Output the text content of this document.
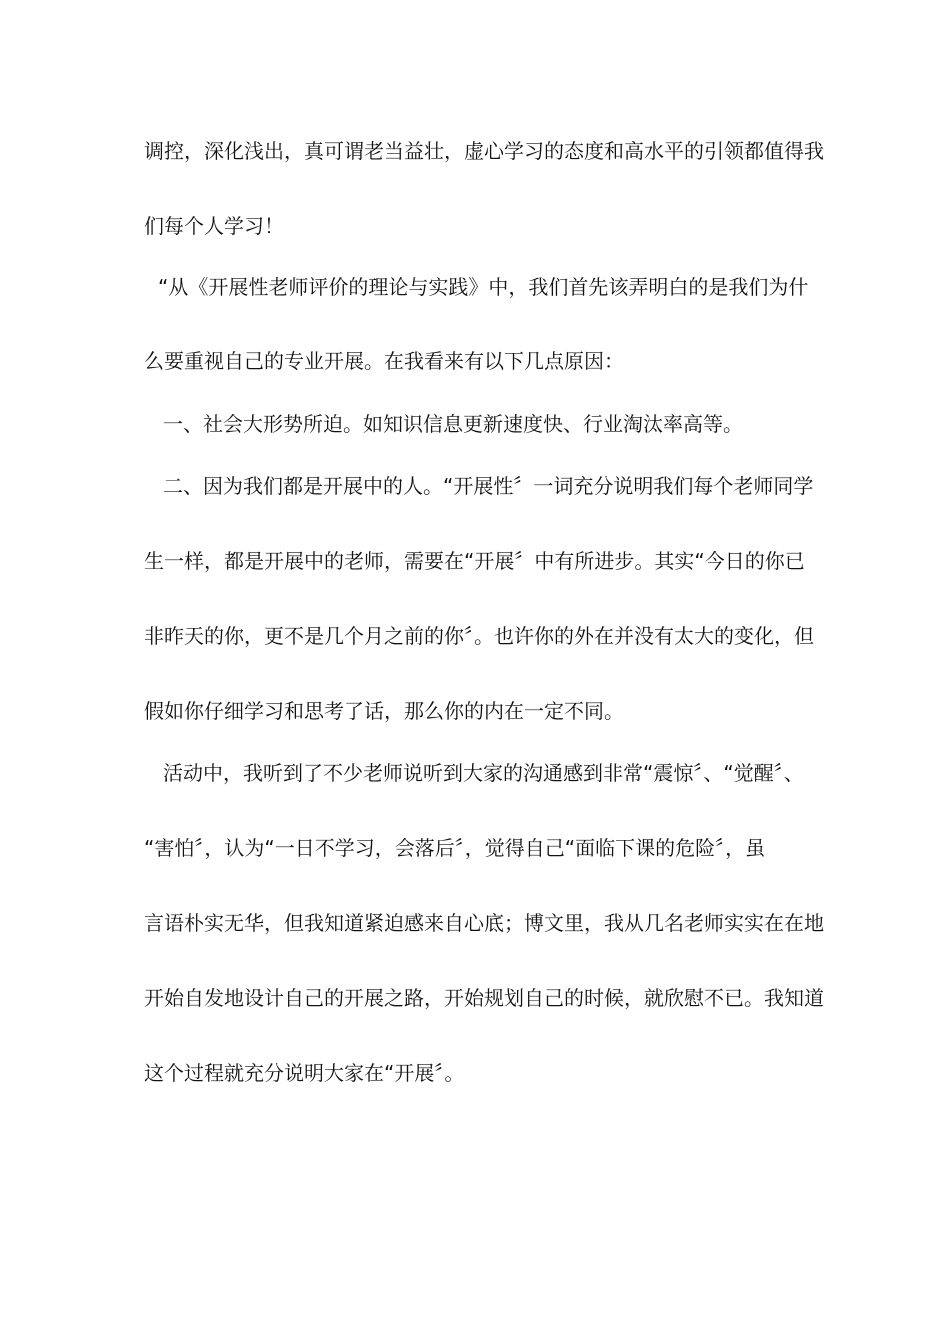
调控，深化浅出，真可谓老当益壮，虚心学习的态度和高水平的引领都值得我
们每个人学习！
“从《开展性老师评价的理论与实践》中，我们首先该弄明白的是我们为什
么要重视自己的专业开展。在我看来有以下几点原因：
一、社会大形势所迫。如知识信息更新速度快、行业淘汰率高等。
二、因为我们都是开展中的人。“开展性〞一词充分说明我们每个老师同学
生一样，都是开展中的老师，需要在“开展〞中有所进步。其实“今日的你已
非昨天的你，更不是几个月之前的你〞。也许你的外在并没有太大的变化，但
假如你仔细学习和思考了话，那么你的内在一定不同。
活动中，我听到了不少老师说听到大家的沟通感到非常“震惊〞、“觉醒〞、
“害怕〞，认为“一日不学习，会落后〞，觉得自己“面临下课的危险〞，虽
言语朴实无华，但我知道紧迫感来自心底；博文里，我从几名老师实实在在地
开始自发地设计自己的开展之路，开始规划自己的时候，就欣慰不已。我知道
这个过程就充分说明大家在“开展〞。
